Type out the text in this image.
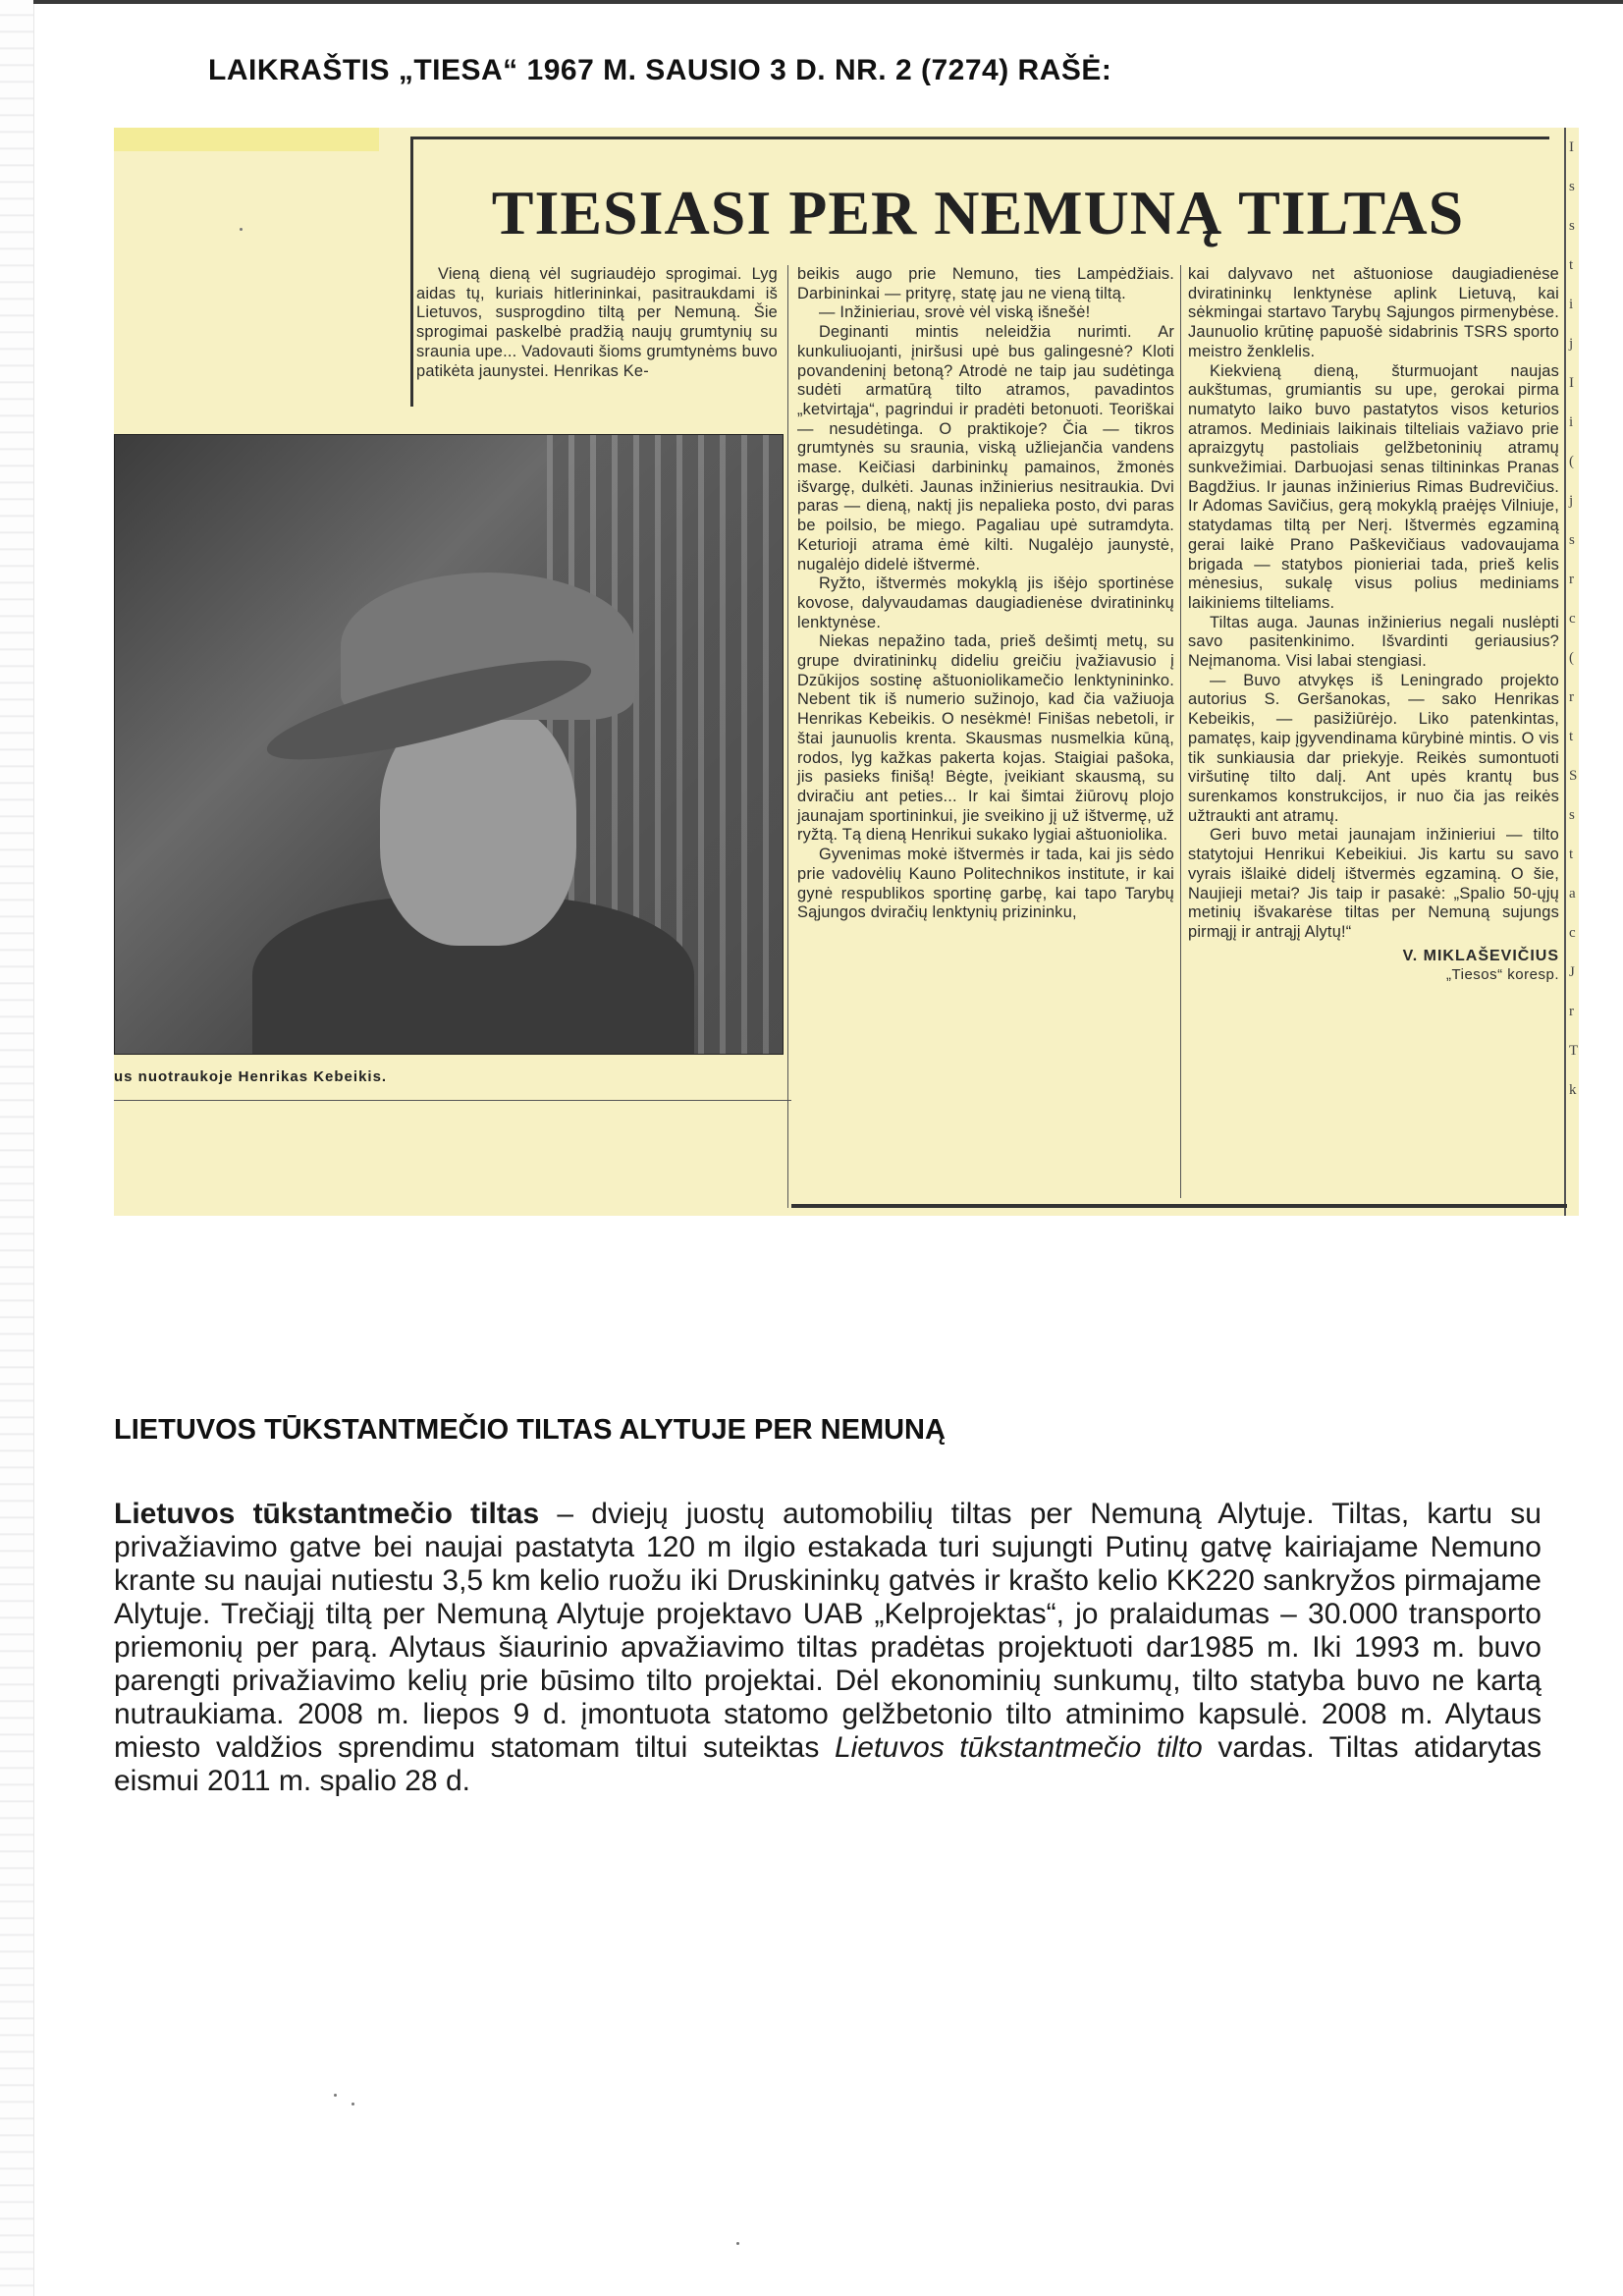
LAIKRAŠTIS „TIESA“ 1967 M. SAUSIO 3 D. NR. 2 (7274) RAŠĖ:
I
s
s
t
i
j
I
i
(
j
s
r
c
(
r
t
S
s
t
a
c
J
r
T
k
TIESIASI PER NEMUNĄ TILTAS
us nuotraukoje Henrikas Kebeikis.

Vieną dieną vėl sugriaudėjo sprogimai. Lyg aidas tų, kuriais hitlerininkai, pasitraukdami iš Lietuvos, susprogdino tiltą per Nemuną. Šie sprogimai paskelbė pradžią naujų grumtynių su sraunia upe... Vadovauti šioms grumtynėms buvo patikėta jaunystei. Henrikas Ke-

beikis augo prie Nemuno, ties Lampėdžiais. Darbininkai — prityrę, statę jau ne vieną tiltą.

— Inžinieriau, srovė vėl viską išnešė!

Deginanti mintis neleidžia nurimti. Ar kunkuliuojanti, įniršusi upė bus galingesnė? Kloti povandeninį betoną? Atrodė ne taip jau sudėtinga sudėti armatūrą tilto atramos, pavadintos „ketvirtąja“, pagrindui ir pradėti betonuoti. Teoriškai — nesudėtinga. O praktikoje? Čia — tikros grumtynės su sraunia, viską užliejančia vandens mase. Keičiasi darbininkų pamainos, žmonės išvargę, dulkėti. Jaunas inžinierius nesitraukia. Dvi paras — dieną, naktį jis nepalieka posto, dvi paras be poilsio, be miego. Pagaliau upė sutramdyta. Keturioji atrama ėmė kilti. Nugalėjo jaunystė, nugalėjo didelė ištvermė.

Ryžto, ištvermės mokyklą jis išėjo sportinėse kovose, dalyvaudamas daugiadienėse dviratininkų lenktynėse.

Niekas nepažino tada, prieš dešimtį metų, su grupe dviratininkų dideliu greičiu įvažiavusio į Dzūkijos sostinę aštuoniolikamečio lenktynininko. Nebent tik iš numerio sužinojo, kad čia važiuoja Henrikas Kebeikis. O nesėkmė! Finišas nebetoli, ir štai jaunuolis krenta. Skausmas nusmelkia kūną, rodos, lyg kažkas pakerta kojas. Staigiai pašoka, jis pasieks finišą! Bėgte, įveikiant skausmą, su dviračiu ant peties... Ir kai šimtai žiūrovų plojo jaunajam sportininkui, jie sveikino jį už ištvermę, už ryžtą. Tą dieną Henrikui sukako lygiai aštuoniolika.

Gyvenimas mokė ištvermės ir tada, kai jis sėdo prie vadovėlių Kauno Politechnikos institute, ir kai gynė respublikos sportinę garbę, kai tapo Tarybų Sąjungos dviračių lenktynių prizininku,

kai dalyvavo net aštuoniose daugiadienėse dviratininkų lenktynėse aplink Lietuvą, kai sėkmingai startavo Tarybų Sąjungos pirmenybėse. Jaunuolio krūtinę papuošė sidabrinis TSRS sporto meistro ženklelis.

Kiekvieną dieną, šturmuojant naujas aukštumas, grumiantis su upe, gerokai pirma numatyto laiko buvo pastatytos visos keturios atramos. Mediniais laikinais tilteliais važiavo prie apraizgytų pastoliais gelžbetoninių atramų sunkvežimiai. Darbuojasi senas tiltininkas Pranas Bagdžius. Ir jaunas inžinierius Rimas Budrevičius. Ir Adomas Savičius, gerą mokyklą praėjęs Vilniuje, statydamas tiltą per Nerį. Ištvermės egzaminą gerai laikė Prano Paškevičiaus vadovaujama brigada — statybos pionieriai tada, prieš kelis mėnesius, sukalę visus polius mediniams laikiniems tilteliams.

Tiltas auga. Jaunas inžinierius negali nuslėpti savo pasitenkinimo. Išvardinti geriausius? Neįmanoma. Visi labai stengiasi.

— Buvo atvykęs iš Leningrado projekto autorius S. Geršanokas, — sako Henrikas Kebeikis, — pasižiūrėjo. Liko patenkintas, pamatęs, kaip įgyvendinama kūrybinė mintis. O vis tik sunkiausia dar priekyje. Reikės sumontuoti viršutinę tilto dalį. Ant upės krantų bus surenkamos konstrukcijos, ir nuo čia jas reikės užtraukti ant atramų.

Geri buvo metai jaunajam inžinieriui — tilto statytojui Henrikui Kebeikiui. Jis kartu su savo vyrais išlaikė didelį ištvermės egzaminą. O šie, Naujieji metai? Jis taip ir pasakė: „Spalio 50-ųjų metinių išvakarėse tiltas per Nemuną sujungs pirmąjį ir antrąjį Alytų!“

V. MIKLAŠEVIČIUS
„Tiesos“ koresp.
LIETUVOS TŪKSTANTMEČIO TILTAS ALYTUJE PER NEMUNĄ
Lietuvos tūkstantmečio tiltas – dviejų juostų automobilių tiltas per Nemuną Alytuje. Tiltas, kartu su privažiavimo gatve bei naujai pastatyta 120 m ilgio estakada turi sujungti Putinų gatvę kairiajame Nemuno krante su naujai nutiestu 3,5 km kelio ruožu iki Druskininkų gatvės ir krašto kelio KK220 sankryžos pirmajame Alytuje. Trečiąjį tiltą per Nemuną Alytuje projektavo UAB „Kelprojektas“, jo pralaidumas – 30.000 transporto priemonių per parą. Alytaus šiaurinio apvažiavimo tiltas pradėtas projektuoti dar1985 m. Iki 1993 m. buvo parengti privažiavimo kelių prie būsimo tilto projektai. Dėl ekonominių sunkumų, tilto statyba buvo ne kartą nutraukiama. 2008 m. liepos 9 d. įmontuota statomo gelžbetonio tilto atminimo kapsulė. 2008 m. Alytaus miesto valdžios sprendimu statomam tiltui suteiktas Lietuvos tūkstantmečio tilto vardas. Tiltas atidarytas eismui 2011 m. spalio 28 d.
